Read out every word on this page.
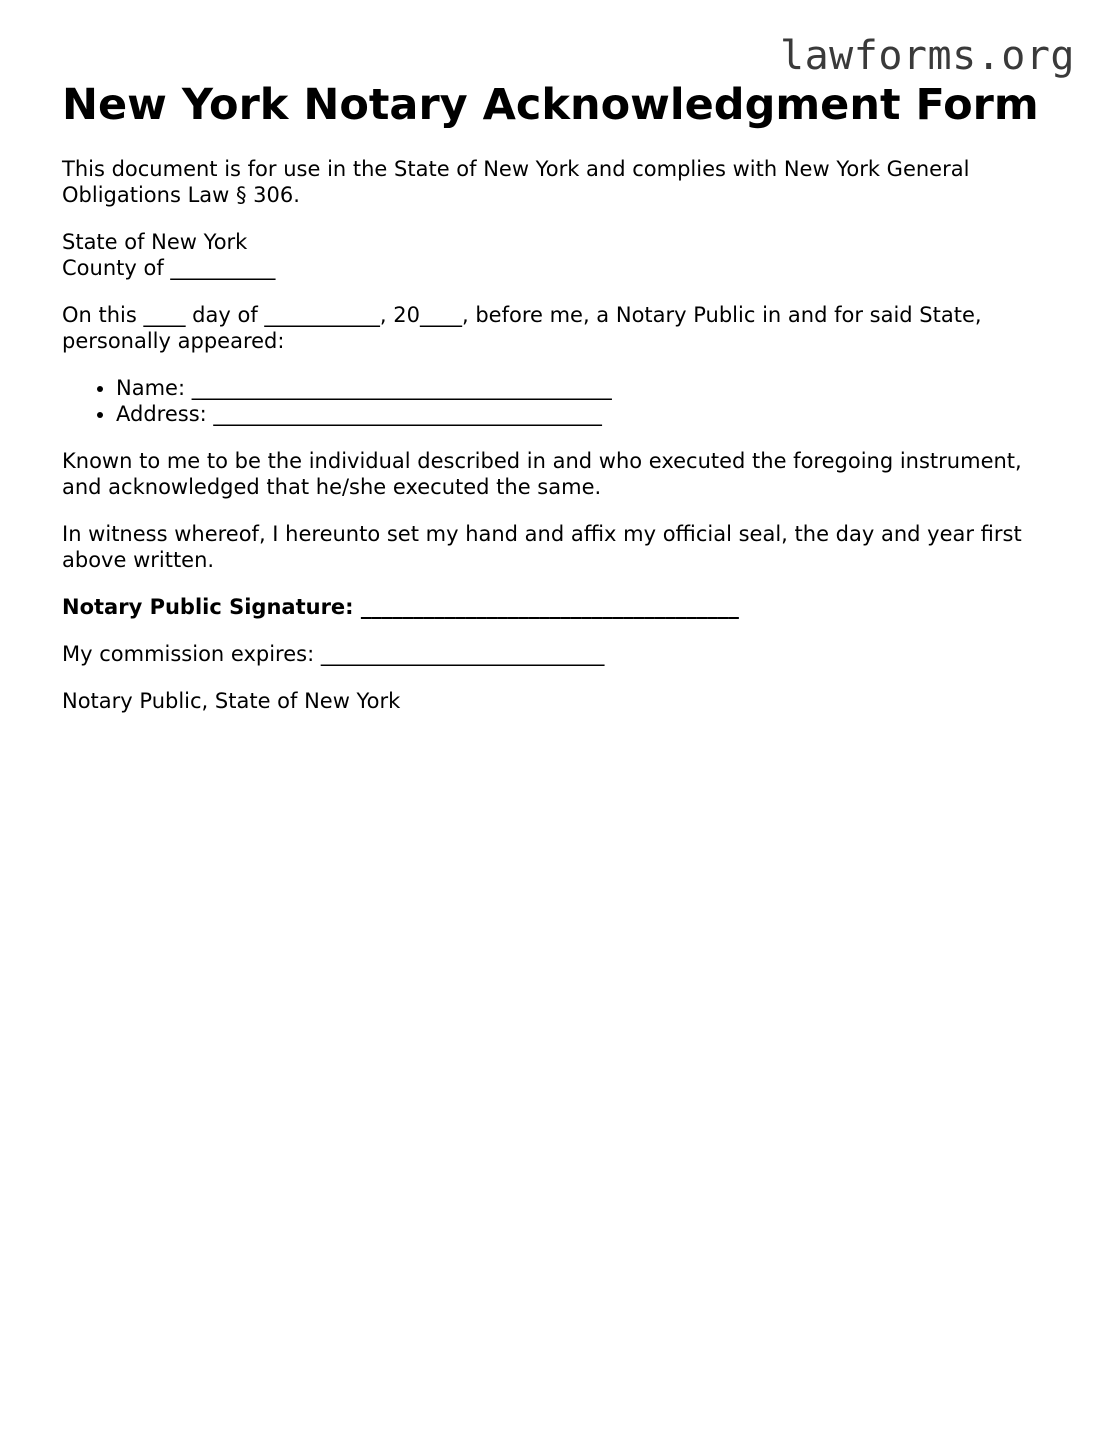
lawforms.org
New York Notary Acknowledgment Form

This document is for use in the State of New York and complies with New York General Obligations Law § 306.

State of New York
County of __________

On this ____ day of ___________, 20____, before me, a Notary Public in and for said State, personally appeared:

• Name: ________________________________________
• Address: _____________________________________

Known to me to be the individual described in and who executed the foregoing instrument, and acknowledged that he/she executed the same.

In witness whereof, I hereunto set my hand and affix my official seal, the day and year first above written.

Notary Public Signature: ____________________________________

My commission expires: ___________________________

Notary Public, State of New York
